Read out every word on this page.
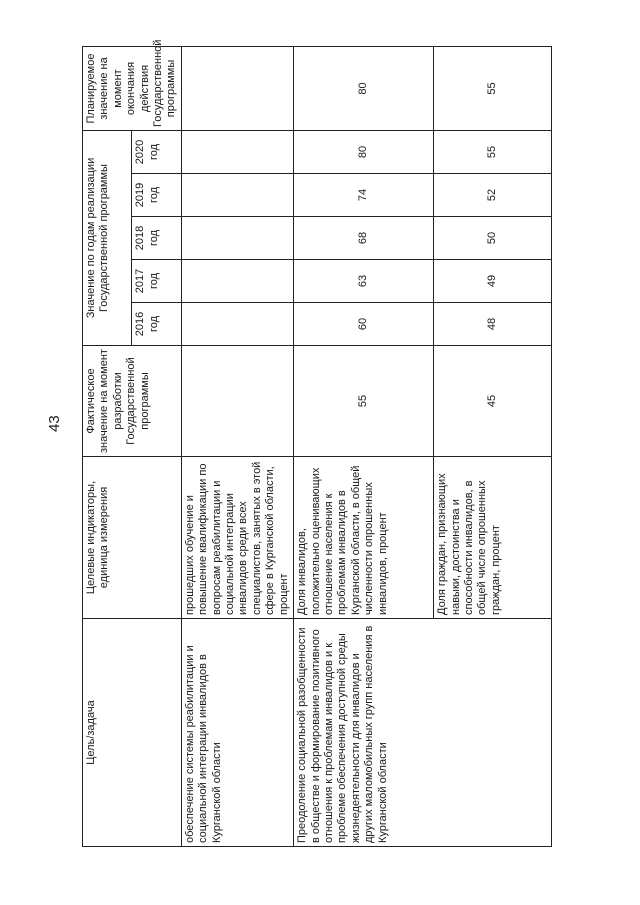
43
Цель/задача	Целевые индикаторы, единица измерения	Фактическое значение на момент разработки Государственной программы	Значение по годам реализации Государственной программы					Планируемое значение на момент окончания действия Государственной программы
			2016 год	2017 год	2018 год	2019 год	2020 год	
обеспечение системы реабилитации и социальной интеграции инвалидов в Курганской области	прошедших обучение и повышение квалификации по вопросам реабилитации и социальной интеграции инвалидов среди всех специалистов, занятых в этой сфере в Курганской области, процент							
Преодоление социальной разобщенности в обществе и формирование позитивного отношения к проблемам инвалидов и к проблеме обеспечения доступной среды жизнедеятельности для инвалидов и других маломобильных групп населения в Курганской области	Доля инвалидов, положительно оценивающих отношение населения к проблемам инвалидов в Курганской области, в общей численности опрошенных инвалидов, процент	55	60	63	68	74	80	80
	Доля граждан, признающих навыки, достоинства и способности инвалидов, в общей числе опрошенных граждан, процент	45	48	49	50	52	55	55
